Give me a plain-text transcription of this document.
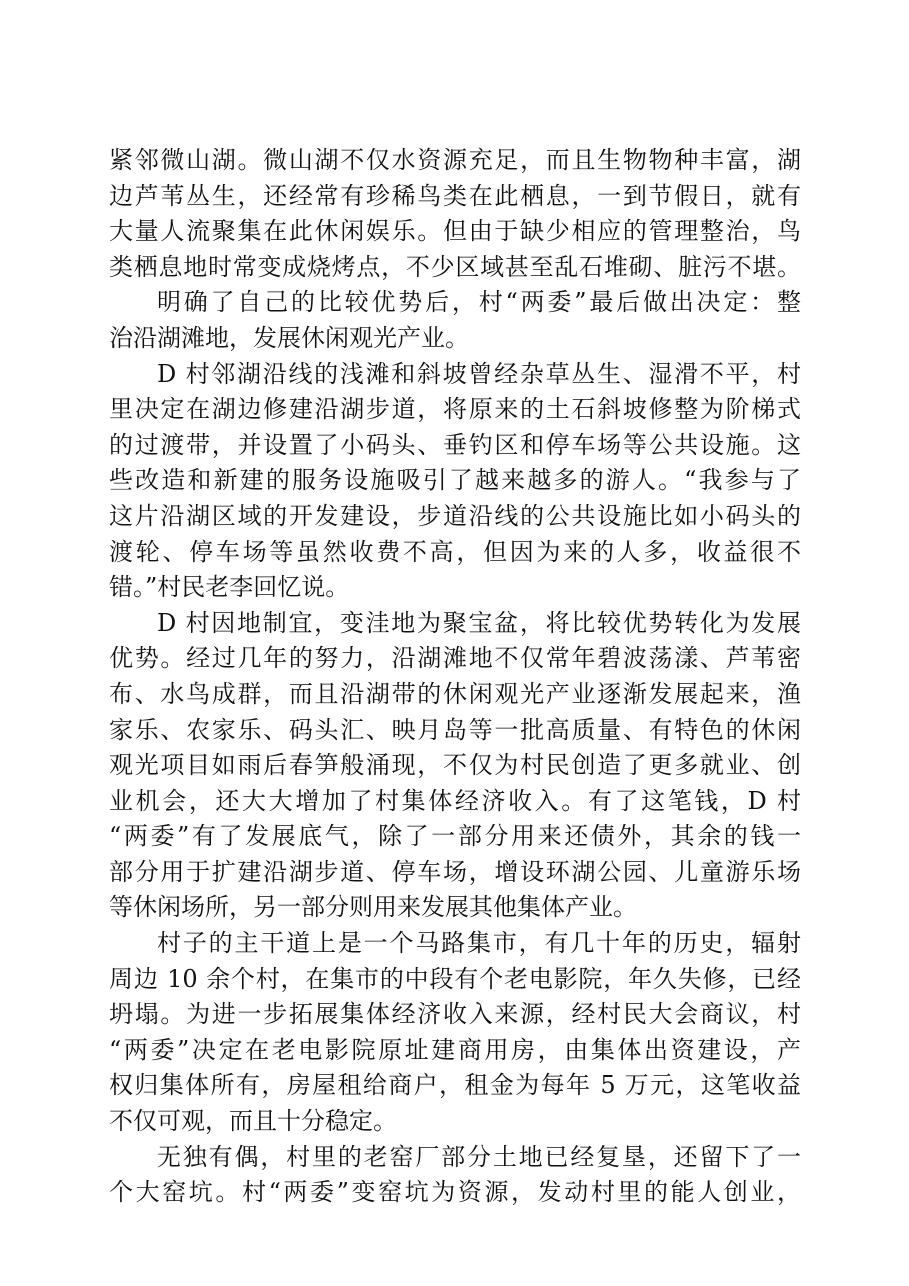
紧邻微山湖。微山湖不仅水资源充足，而且生物物种丰富，湖
边芦苇丛生，还经常有珍稀鸟类在此栖息，一到节假日，就有
大量人流聚集在此休闲娱乐。但由于缺少相应的管理整治，鸟
类栖息地时常变成烧烤点，不少区域甚至乱石堆砌、脏污不堪。
明确了自己的比较优势后，村“两委”最后做出决定：整
治沿湖滩地，发展休闲观光产业。
D 村邻湖沿线的浅滩和斜坡曾经杂草丛生、湿滑不平，村
里决定在湖边修建沿湖步道，将原来的土石斜坡修整为阶梯式
的过渡带，并设置了小码头、垂钓区和停车场等公共设施。这
些改造和新建的服务设施吸引了越来越多的游人。“我参与了
这片沿湖区域的开发建设，步道沿线的公共设施比如小码头的
渡轮、停车场等虽然收费不高，但因为来的人多，收益很不
错。”村民老李回忆说。
D 村因地制宜，变洼地为聚宝盆，将比较优势转化为发展
优势。经过几年的努力，沿湖滩地不仅常年碧波荡漾、芦苇密
布、水鸟成群，而且沿湖带的休闲观光产业逐渐发展起来，渔
家乐、农家乐、码头汇、映月岛等一批高质量、有特色的休闲
观光项目如雨后春笋般涌现，不仅为村民创造了更多就业、创
业机会，还大大增加了村集体经济收入。有了这笔钱，D 村
“两委”有了发展底气，除了一部分用来还债外，其余的钱一
部分用于扩建沿湖步道、停车场，增设环湖公园、儿童游乐场
等休闲场所，另一部分则用来发展其他集体产业。
村子的主干道上是一个马路集市，有几十年的历史，辐射
周边 10 余个村，在集市的中段有个老电影院，年久失修，已经
坍塌。为进一步拓展集体经济收入来源，经村民大会商议，村
“两委”决定在老电影院原址建商用房，由集体出资建设，产
权归集体所有，房屋租给商户，租金为每年 5 万元，这笔收益
不仅可观，而且十分稳定。
无独有偶，村里的老窑厂部分土地已经复垦，还留下了一
个大窑坑。村“两委”变窑坑为资源，发动村里的能人创业，
